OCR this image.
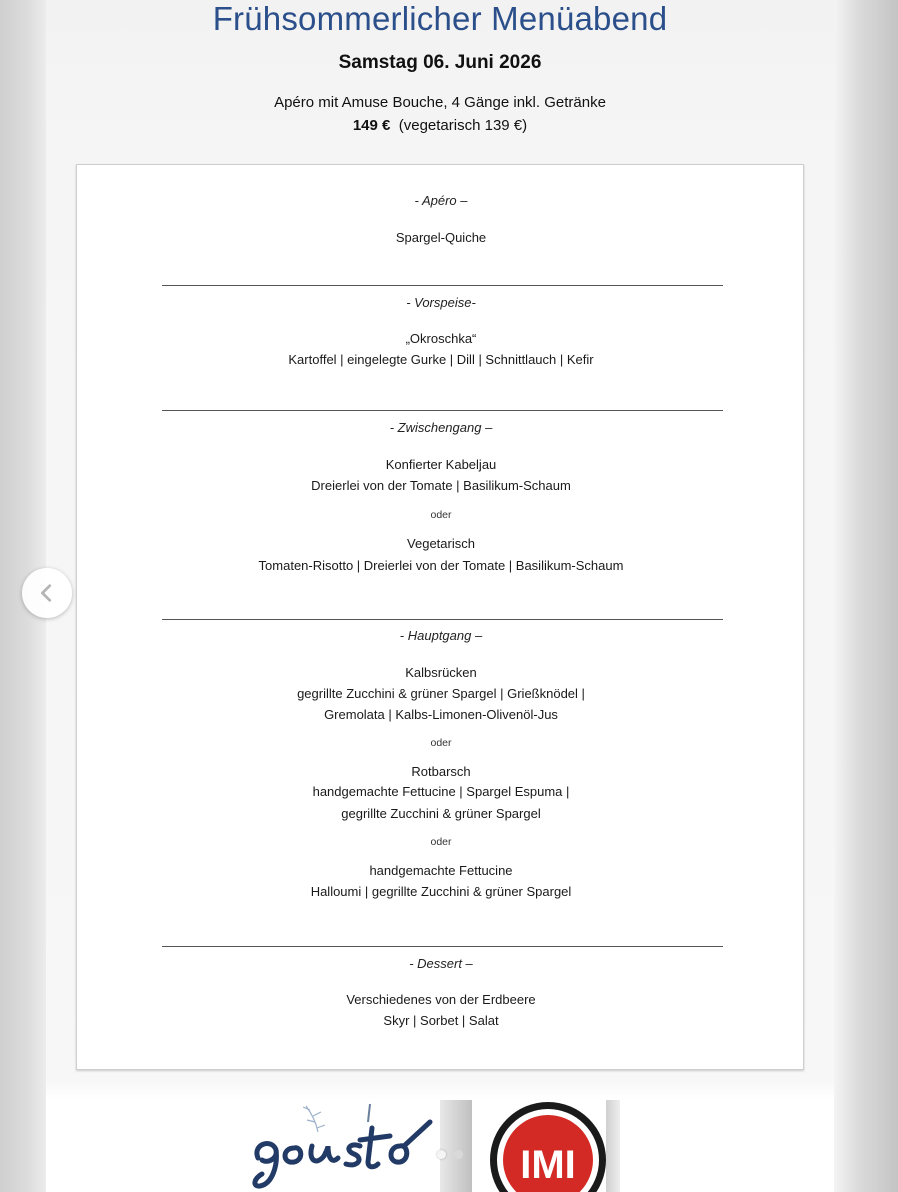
Frühsommerlicher Menüabend
Samstag 06. Juni 2026
Apéro mit Amuse Bouche, 4 Gänge inkl. Getränke
149 € (vegetarisch 139 €)
- Apéro –
Spargel-Quiche
- Vorspeise-
„Okroschka“
Kartoffel | eingelegte Gurke | Dill | Schnittlauch | Kefir
- Zwischengang –
Konfierter Kabeljau
Dreierlei von der Tomate | Basilikum-Schaum
oder
Vegetarisch
Tomaten-Risotto | Dreierlei von der Tomate | Basilikum-Schaum
- Hauptgang –
Kalbsrücken
gegrillte Zucchini & grüner Spargel | Grießknödel |
Gremolata | Kalbs-Limonen-Olivenöl-Jus
oder
Rotbarsch
handgemachte Fettucine | Spargel Espuma |
gegrillte Zucchini & grüner Spargel
oder
handgemachte Fettucine
Halloumi | gegrillte Zucchini & grüner Spargel
- Dessert –
Verschiedenes von der Erdbeere
Skyr | Sorbet | Salat
IMI
